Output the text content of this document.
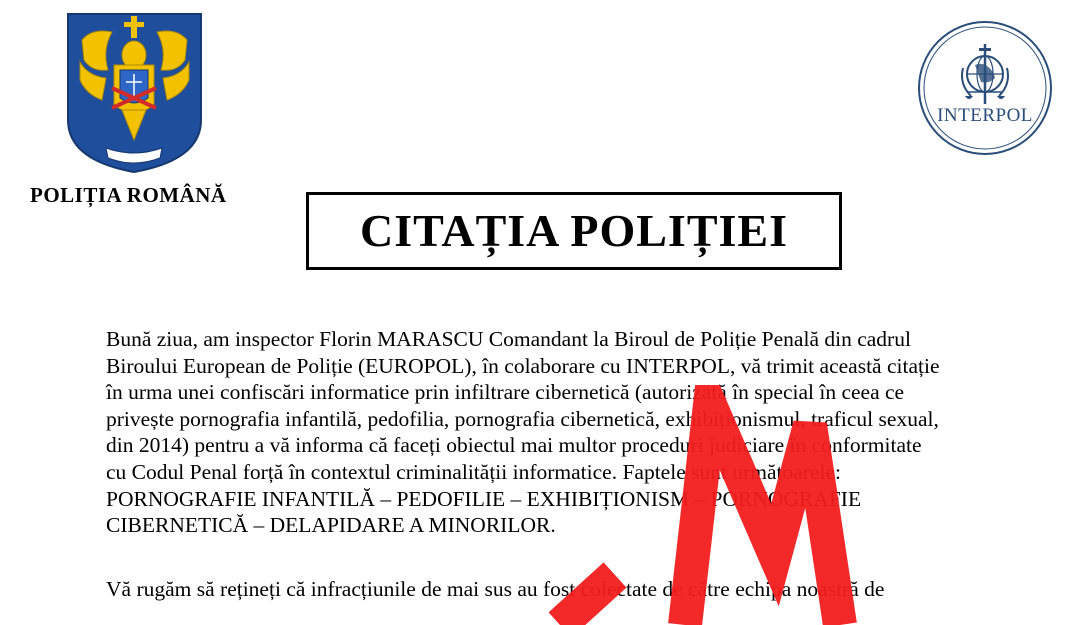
POLIȚIA ROMÂNĂ
INTERPOL
CITAȚIA POLIȚIEI
Bună ziua, am inspector Florin MARASCU Comandant la Biroul de Poliție Penală din cadrul
Biroului European de Poliție (EUROPOL), în colaborare cu INTERPOL, vă trimit această citație
în urma unei confiscări informatice prin infiltrare cibernetică (autorizată în special în ceea ce
privește pornografia infantilă, pedofilia, pornografia cibernetică, exhibiționismul, traficul sexual,
din 2014) pentru a vă informa că faceți obiectul mai multor proceduri judiciare în conformitate
cu Codul Penal forță în contextul criminalității informatice. Faptele sunt următoarele:
PORNOGRAFIE INFANTILĂ – PEDOFILIE – EXHIBIȚIONISM – PORNOGRAFIE
CIBERNETICĂ – DELAPIDARE A MINORILOR.
Vă rugăm să rețineți că infracțiunile de mai sus au fost colectate de către echipa noastră de
